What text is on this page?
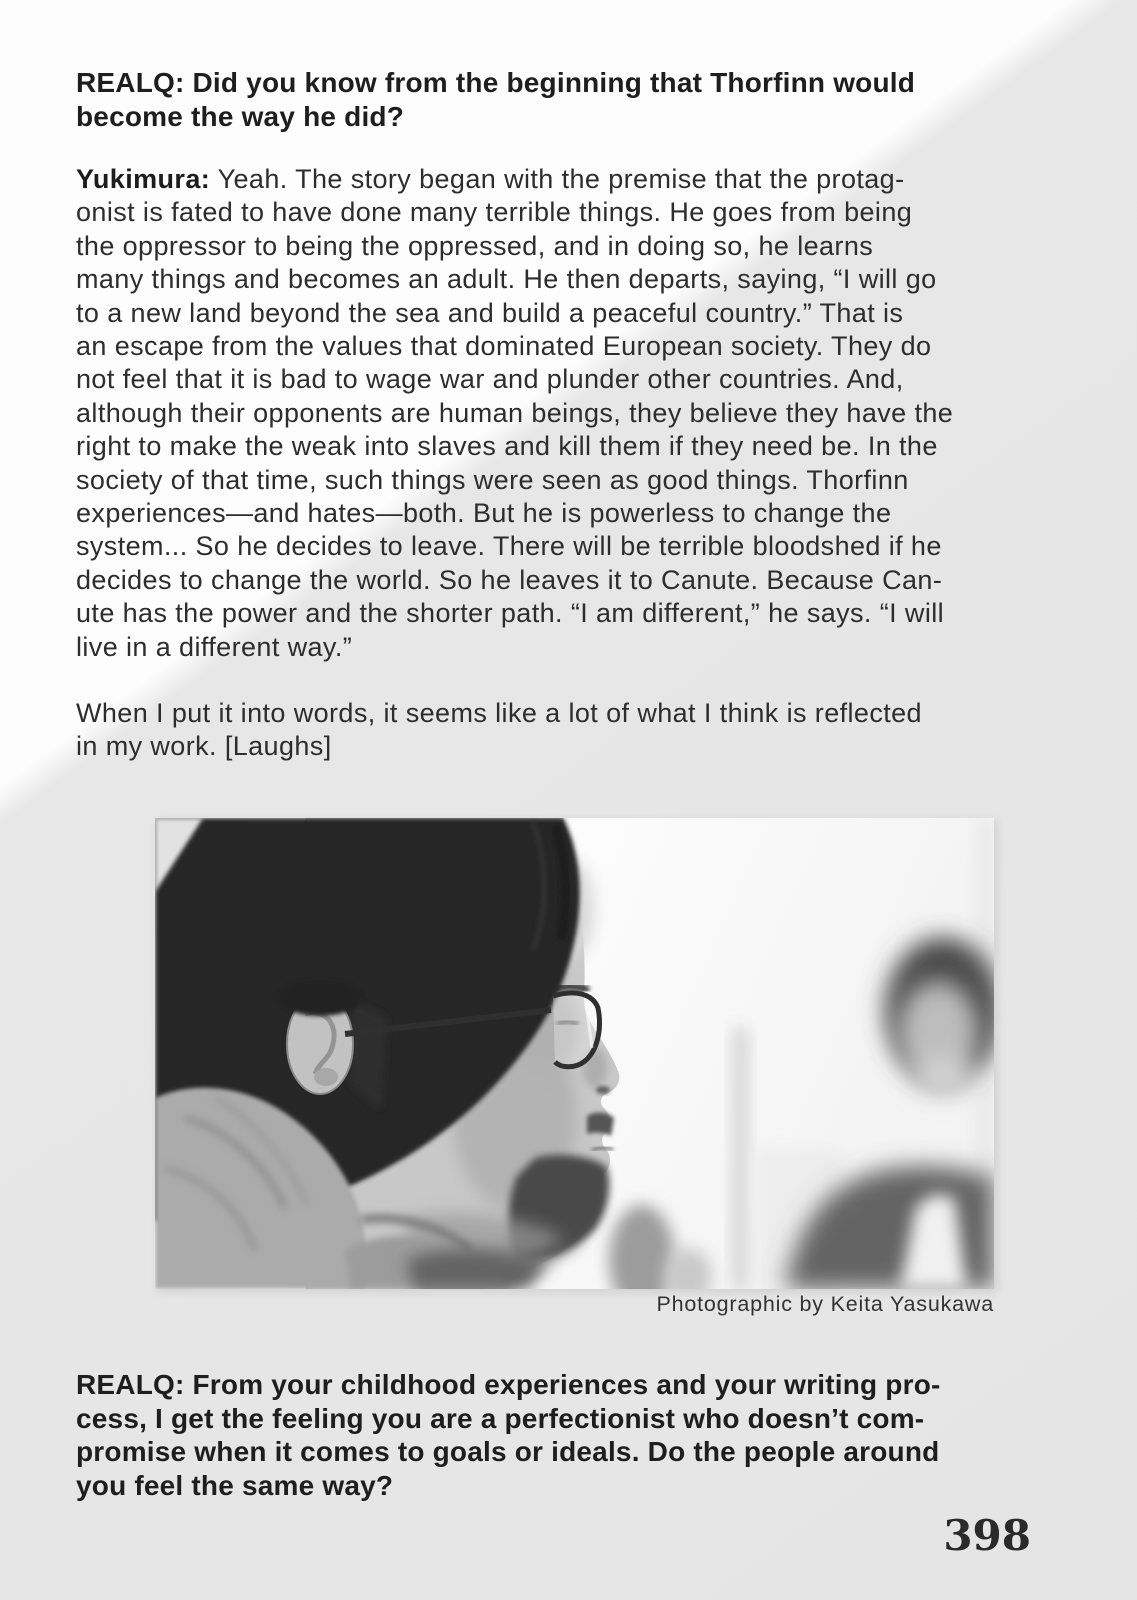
REALQ: Did you know from the beginning that Thorfinn would
become the way he did?
Yukimura: Yeah. The story began with the premise that the protag-
onist is fated to have done many terrible things. He goes from being
the oppressor to being the oppressed, and in doing so, he learns
many things and becomes an adult. He then departs, saying, “I will go
to a new land beyond the sea and build a peaceful country.” That is
an escape from the values that dominated European society. They do
not feel that it is bad to wage war and plunder other countries. And,
although their opponents are human beings, they believe they have the
right to make the weak into slaves and kill them if they need be. In the
society of that time, such things were seen as good things. Thorfinn
experiences—and hates—both. But he is powerless to change the
system... So he decides to leave. There will be terrible bloodshed if he
decides to change the world. So he leaves it to Canute. Because Can-
ute has the power and the shorter path. “I am different,” he says. “I will
live in a different way.”
When I put it into words, it seems like a lot of what I think is reflected
in my work. [Laughs]
Photographic by Keita Yasukawa
REALQ: From your childhood experiences and your writing pro-
cess, I get the feeling you are a perfectionist who doesn’t com-
promise when it comes to goals or ideals. Do the people around
you feel the same way?
398
